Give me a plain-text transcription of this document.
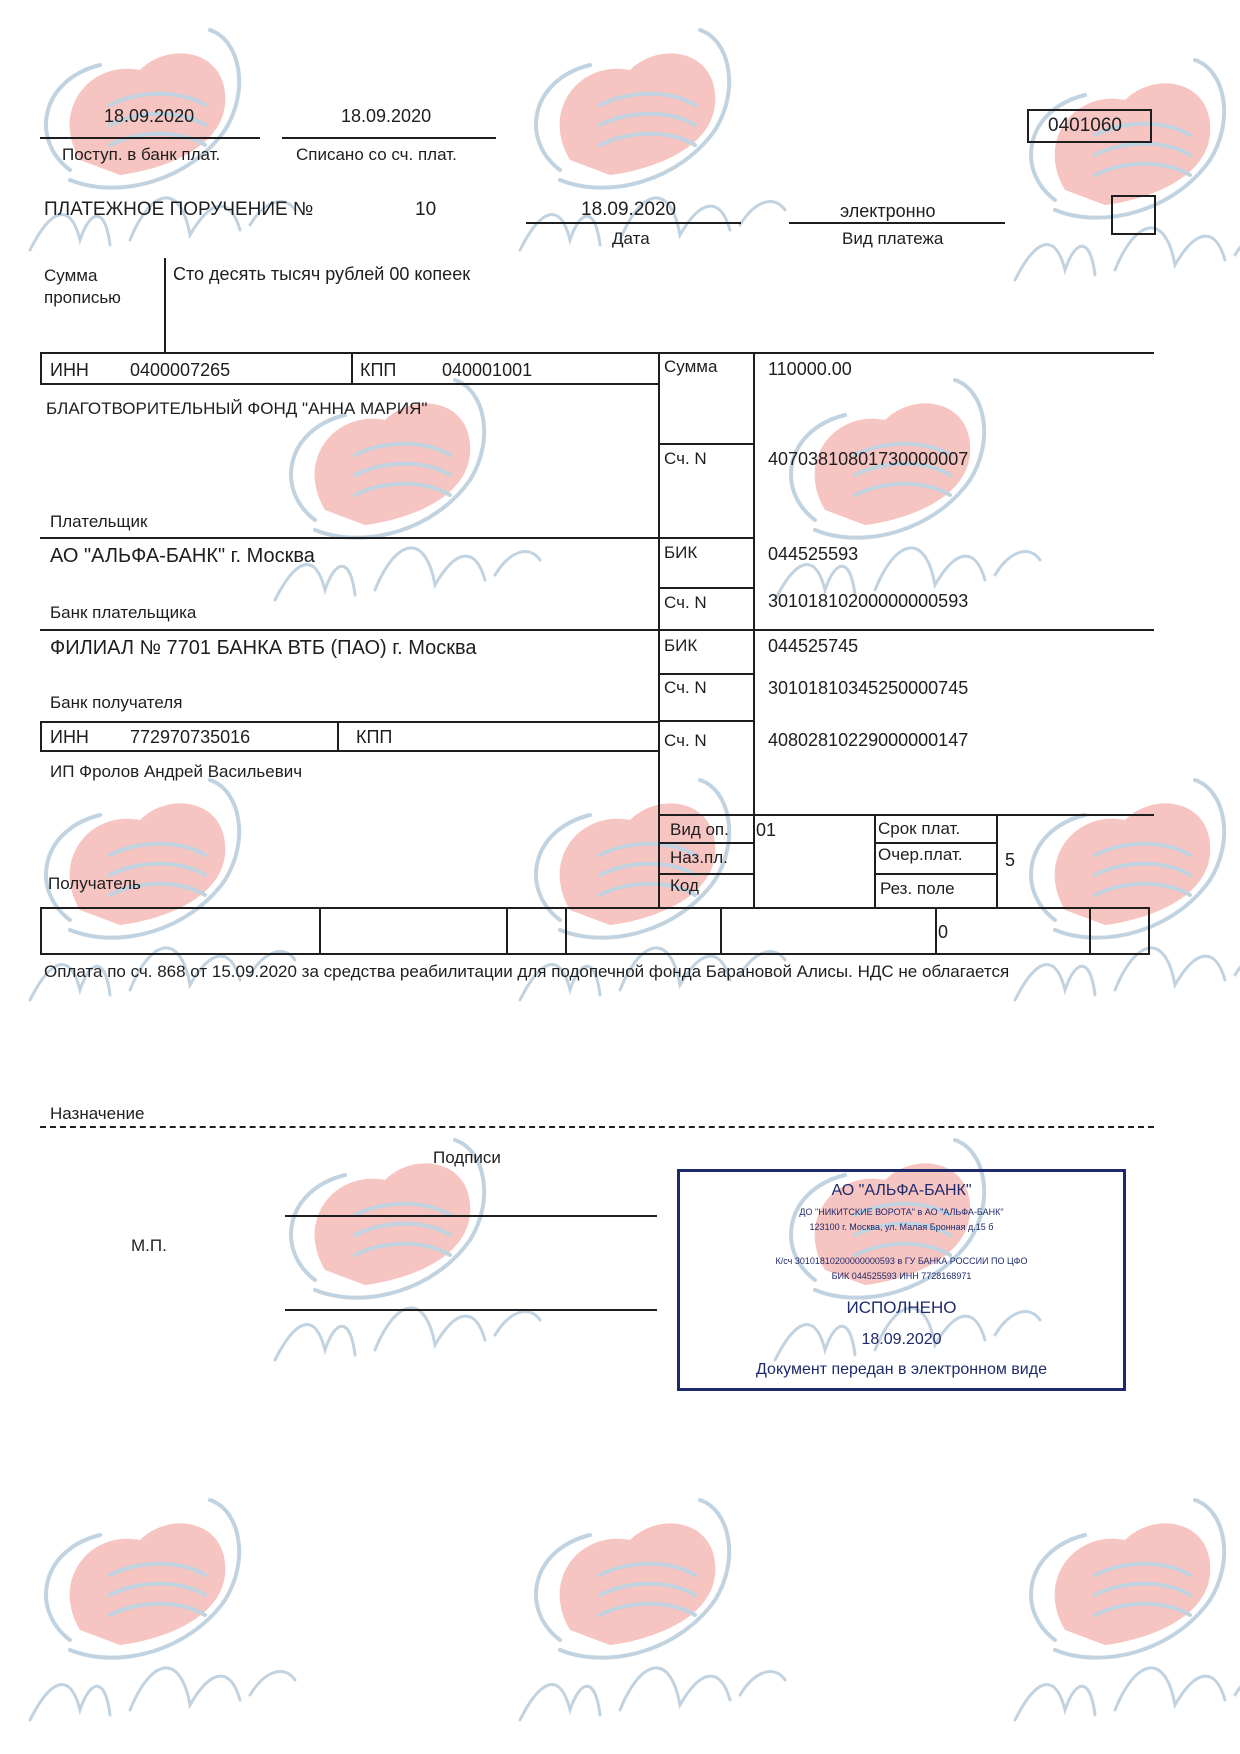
0401060
18.09.2020
Поступ. в банк плат.
18.09.2020
Списано со сч. плат.
ПЛАТЕЖНОЕ ПОРУЧЕНИЕ №	10	18.09.2020
Дата
электронно
Вид платежа
Сумма прописью
Сто десять тысяч рублей 00 копеек
0
ИНН 0400007265	КПП	040001001
БЛАГОТВОРИТЕЛЬНЫЙ ФОНД "АННА МАРИЯ"
Плательщик
Сумма	110000.00
Сч. N	40703810801730000007
АО "АЛЬФА-БАНК" г. Москва
Банк плательщика
БИК	044525593
Сч. N	30101810200000000593
ФИЛИАЛ № 7701 БАНКА ВТБ (ПАО) г. Москва
Банк получателя
БИК	044525745
Сч. N	30101810345250000745
ИНН 772970735016	КПП
ИП Фролов Андрей Васильевич
Получатель
Сч. N	40802810229000000147
Вид оп. 01
Наз.пл.
Код
Срок плат.
Очер.плат. 5
Рез. поле
Оплата по сч. 868 от 15.09.2020 за средства реабилитации для подопечной фонда Барановой Алисы. НДС не облагается
Назначение
Подписи
М.П.
АО "АЛЬФА-БАНК"
ДО "НИКИТСКИЕ ВОРОТА" в АО "АЛЬФА-БАНК"
123100 г. Москва, ул. Малая Бронная д.15 б
К/сч 30101810200000000593 в ГУ БАНКА РОССИИ ПО ЦФО
БИК 044525593 ИНН 7728168971
ИСПОЛНЕНО
18.09.2020
Документ передан в электронном виде
